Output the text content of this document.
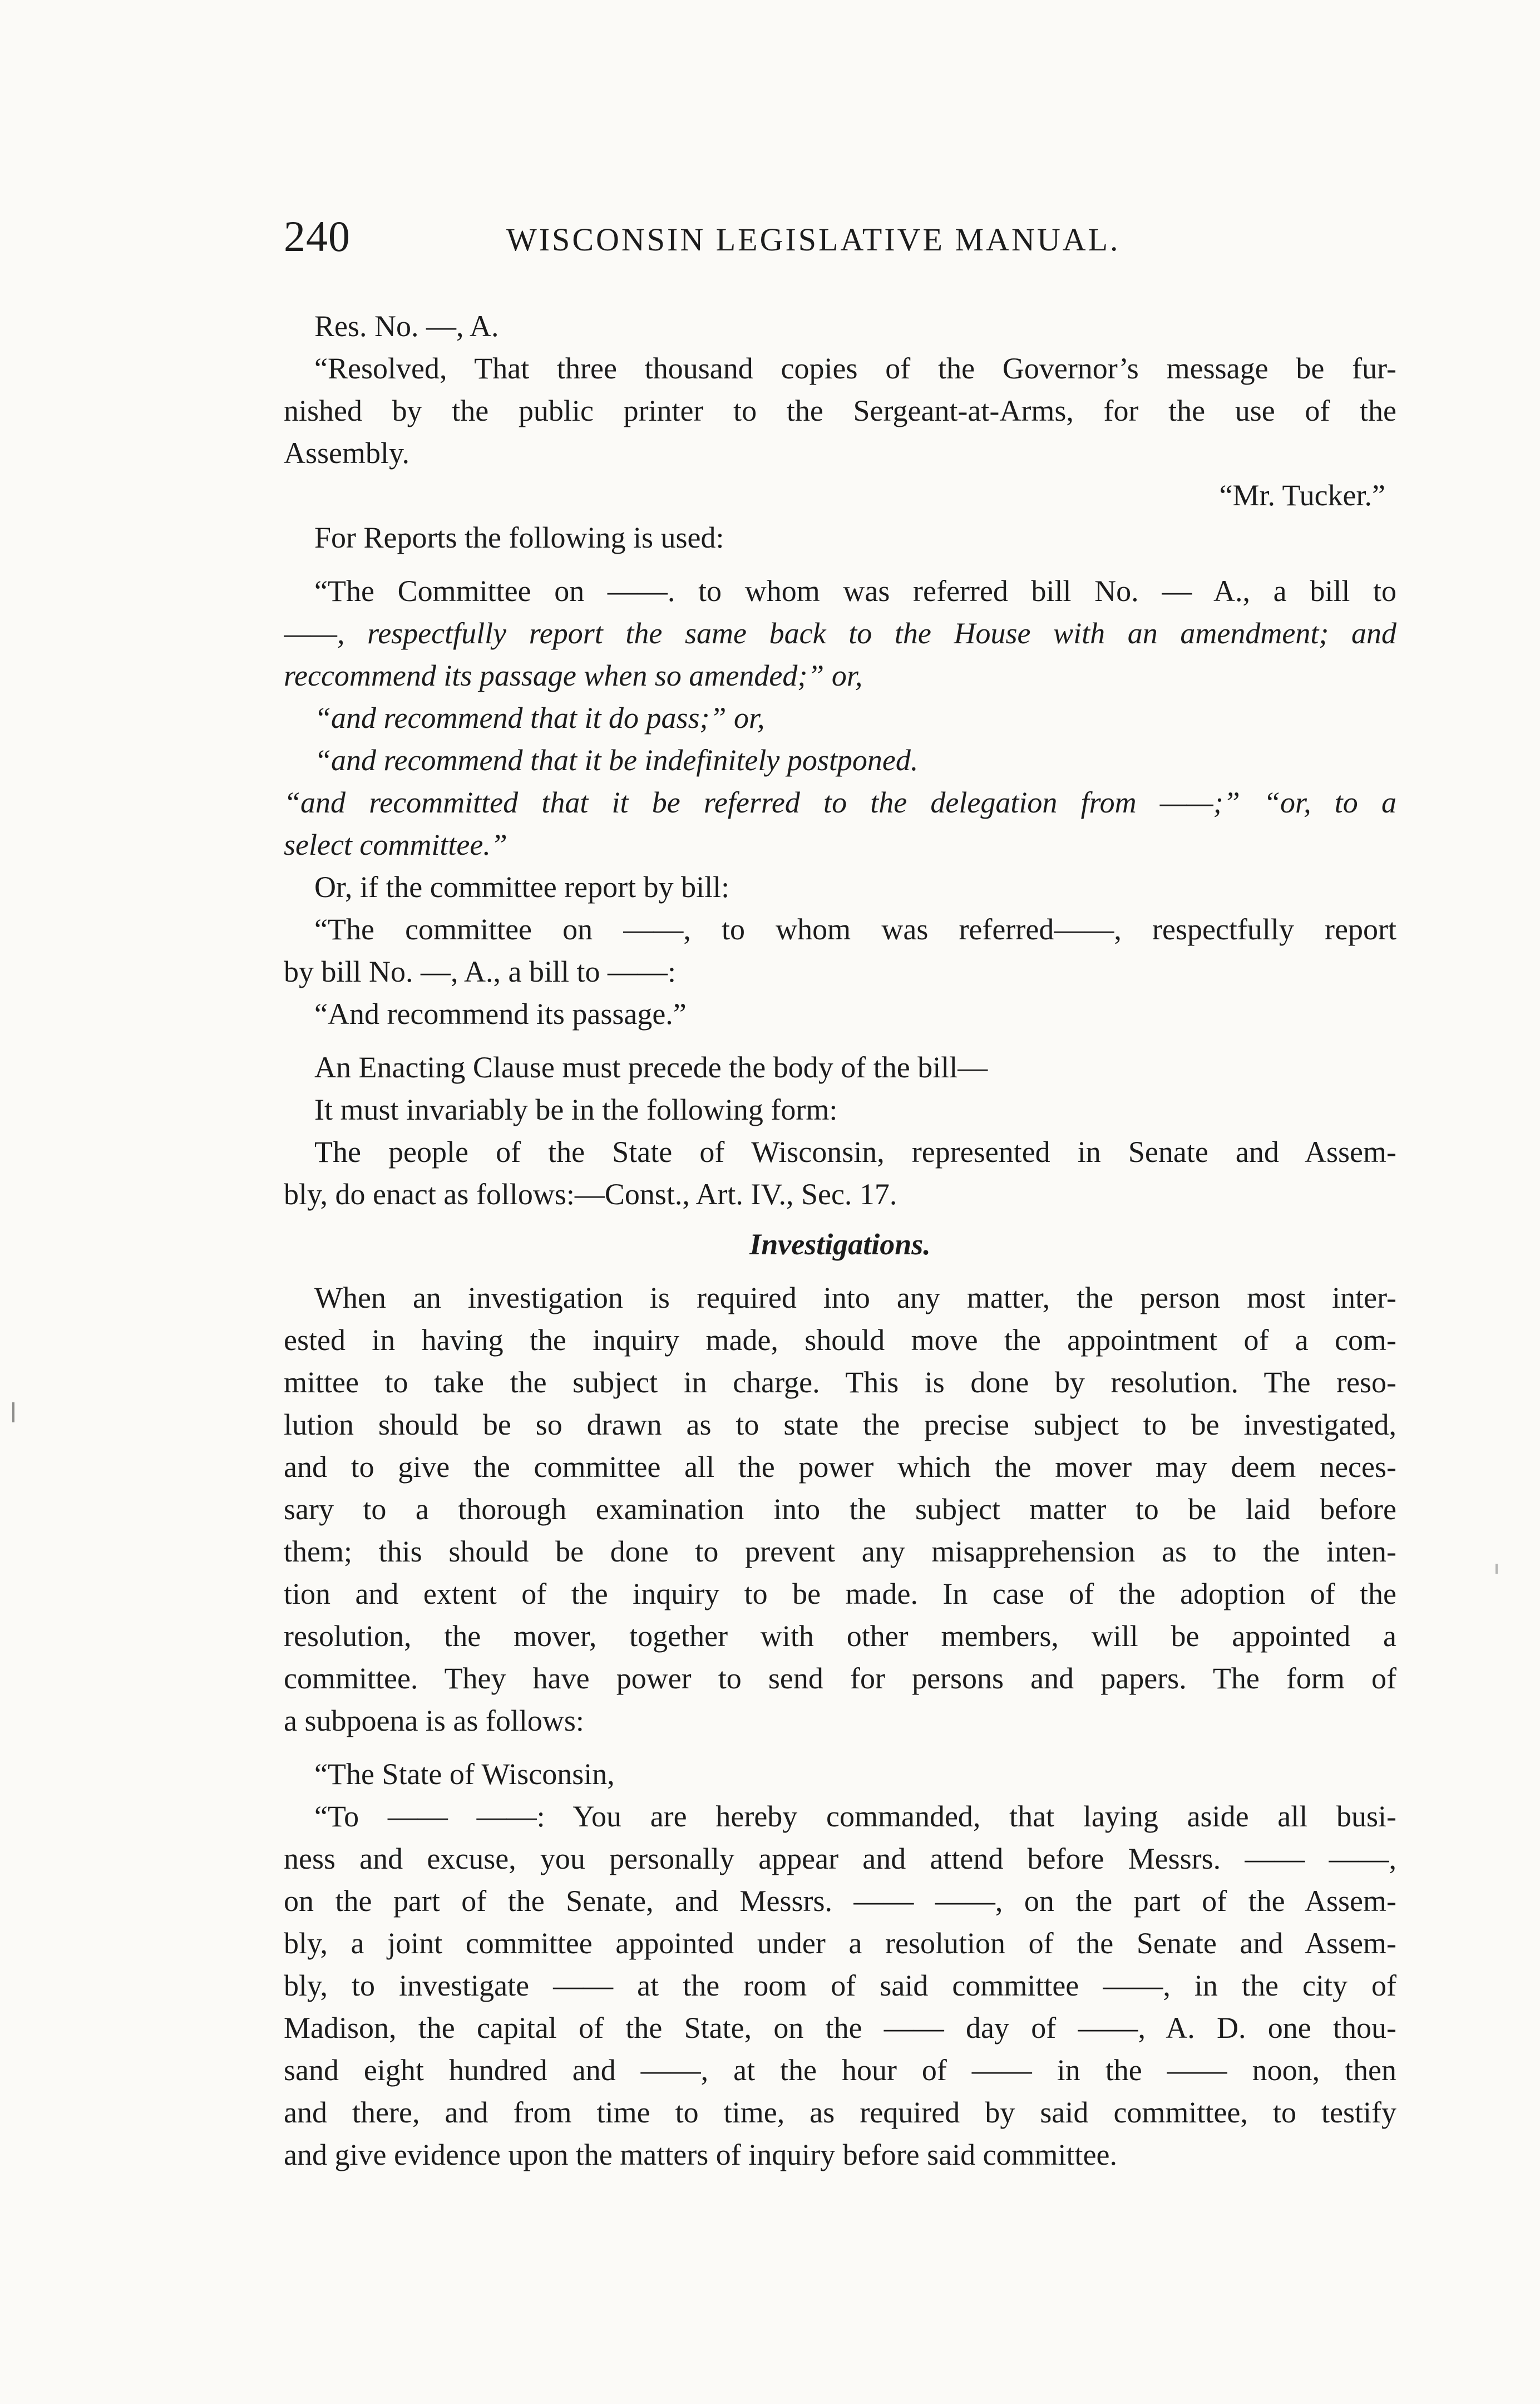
240	WISCONSIN LEGISLATIVE MANUAL.
Res. No. —, A.
“Resolved, That three thousand copies of the Governor’s message be fur-
nished by the public printer to the Sergeant-at-Arms, for the use of the
Assembly.
“Mr. Tucker.”
For Reports the following is used:
“The Committee on ——. to whom was referred bill No. — A., a bill to
——, respectfully report the same back to the House with an amendment; and
reccommend its passage when so amended;” or,
“and recommend that it do pass;” or,
“and recommend that it be indefinitely postponed.
“and recommitted that it be referred to the delegation from ——;” “or, to a
select committee.”
Or, if the committee report by bill:
“The committee on ——, to whom was referred——, respectfully report
by bill No. —, A., a bill to ——:
“And recommend its passage.”
An Enacting Clause must precede the body of the bill—
It must invariably be in the following form:
The people of the State of Wisconsin, represented in Senate and Assem-
bly, do enact as follows:—Const., Art. IV., Sec. 17.
Investigations.
When an investigation is required into any matter, the person most inter-
ested in having the inquiry made, should move the appointment of a com-
mittee to take the subject in charge. This is done by resolution. The reso-
lution should be so drawn as to state the precise subject to be investigated,
and to give the committee all the power which the mover may deem neces-
sary to a thorough examination into the subject matter to be laid before
them; this should be done to prevent any misapprehension as to the inten-
tion and extent of the inquiry to be made. In case of the adoption of the
resolution, the mover, together with other members, will be appointed a
committee. They have power to send for persons and papers. The form of
a subpoena is as follows:
“The State of Wisconsin,
“To —— ——: You are hereby commanded, that laying aside all busi-
ness and excuse, you personally appear and attend before Messrs. —— ——,
on the part of the Senate, and Messrs. —— ——, on the part of the Assem-
bly, a joint committee appointed under a resolution of the Senate and Assem-
bly, to investigate —— at the room of said committee ——, in the city of
Madison, the capital of the State, on the —— day of ——, A. D. one thou-
sand eight hundred and ——, at the hour of —— in the —— noon, then
and there, and from time to time, as required by said committee, to testify
and give evidence upon the matters of inquiry before said committee.
